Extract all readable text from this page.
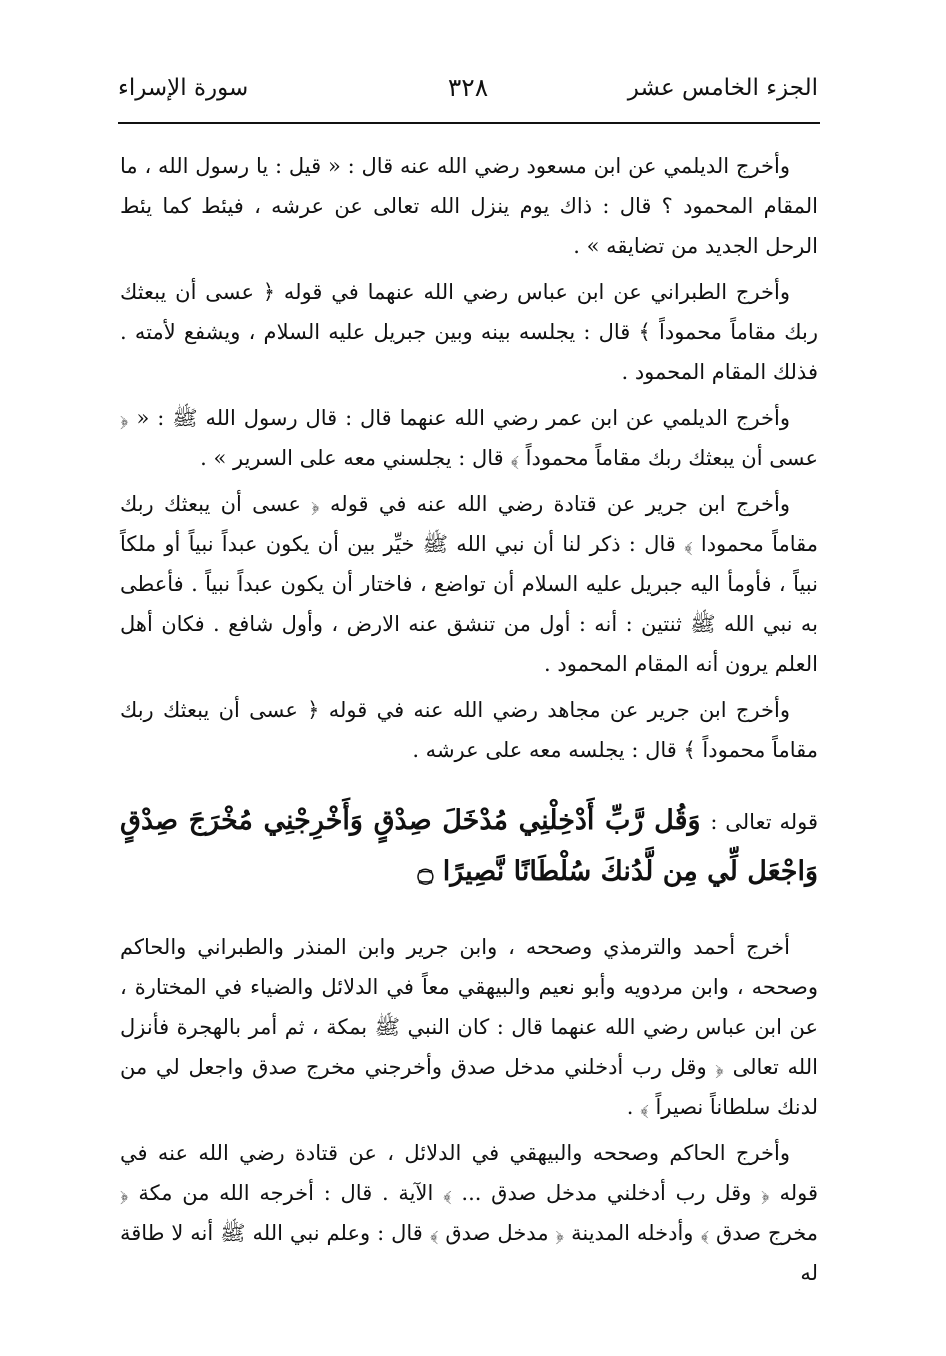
الجزء الخامس عشر
٣٢٨
سورة الإسراء

وأخرج الديلمي عن ابن مسعود رضي الله عنه قال : « قيل : يا رسول الله ، ما المقام المحمود ؟ قال : ذاك يوم ينزل الله تعالى عن عرشه ، فيئط كما يئط الرحل الجديد من تضايقه » .

وأخرج الطبراني عن ابن عباس رضي الله عنهما في قوله ﴿ عسى أن يبعثك ربك مقاماً محموداً ﴾ قال : يجلسه بينه وبين جبريل عليه السلام ، ويشفع لأمته . فذلك المقام المحمود .

وأخرج الديلمي عن ابن عمر رضي الله عنهما قال : قال رسول الله ﷺ : « ﴿ عسى أن يبعثك ربك مقاماً محموداً ﴾ قال : يجلسني معه على السرير » .

وأخرج ابن جرير عن قتادة رضي الله عنه في قوله ﴿ عسى أن يبعثك ربك مقاماً محمودا ﴾ قال : ذكر لنا أن نبي الله ﷺ خيِّر بين أن يكون عبداً نبياً أو ملكاً نبياً ، فأومأ اليه جبريل عليه السلام أن تواضع ، فاختار أن يكون عبداً نبياً . فأعطى به نبي الله ﷺ ثنتين : أنه : أول من تنشق عنه الارض ، وأول شافع . فكان أهل العلم يرون أنه المقام المحمود .

وأخرج ابن جرير عن مجاهد رضي الله عنه في قوله ﴿ عسى أن يبعثك ربك مقاماً محموداً ﴾ قال : يجلسه معه على عرشه .

قوله تعالى : وَقُل رَّبِّ أَدْخِلْنِي مُدْخَلَ صِدْقٍ وَأَخْرِجْنِي مُخْرَجَ صِدْقٍ وَاجْعَل لِّي مِن لَّدُنكَ سُلْطَانًا نَّصِيرًا ۝

أخرج أحمد والترمذي وصححه ، وابن جرير وابن المنذر والطبراني والحاكم وصححه ، وابن مردويه وأبو نعيم والبيهقي معاً في الدلائل والضياء في المختارة ، عن ابن عباس رضي الله عنهما قال : كان النبي ﷺ بمكة ، ثم أمر بالهجرة فأنزل الله تعالى ﴿ وقل رب أدخلني مدخل صدق وأخرجني مخرج صدق واجعل لي من لدنك سلطاناً نصيراً ﴾ .

وأخرج الحاكم وصححه والبيهقي في الدلائل ، عن قتادة رضي الله عنه في قوله ﴿ وقل رب أدخلني مدخل صدق ... ﴾ الآية . قال : أخرجه الله من مكة ﴿ مخرج صدق ﴾ وأدخله المدينة ﴿ مدخل صدق ﴾ قال : وعلم نبي الله ﷺ أنه لا طاقة له
